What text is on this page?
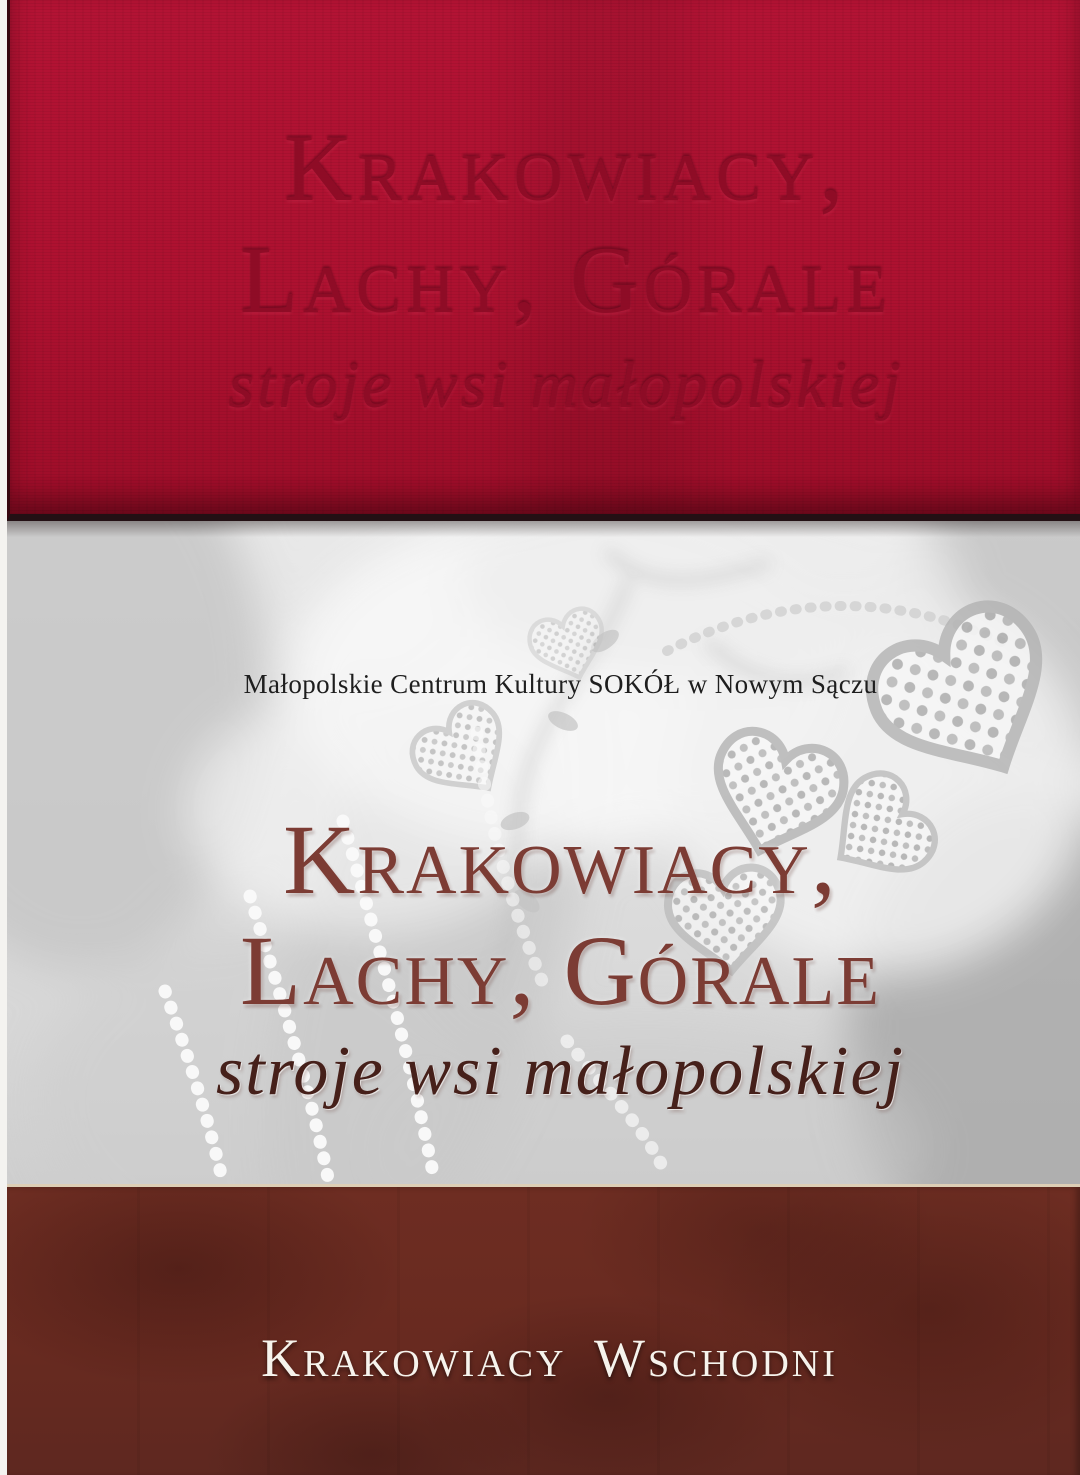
Krakowiacy,
Lachy, Górale
stroje wsi małopolskiej
Małopolskie Centrum Kultury SOKÓŁ w Nowym Sączu
Krakowiacy,
Lachy, Górale
stroje wsi małopolskiej
Krakowiacy Wschodni
